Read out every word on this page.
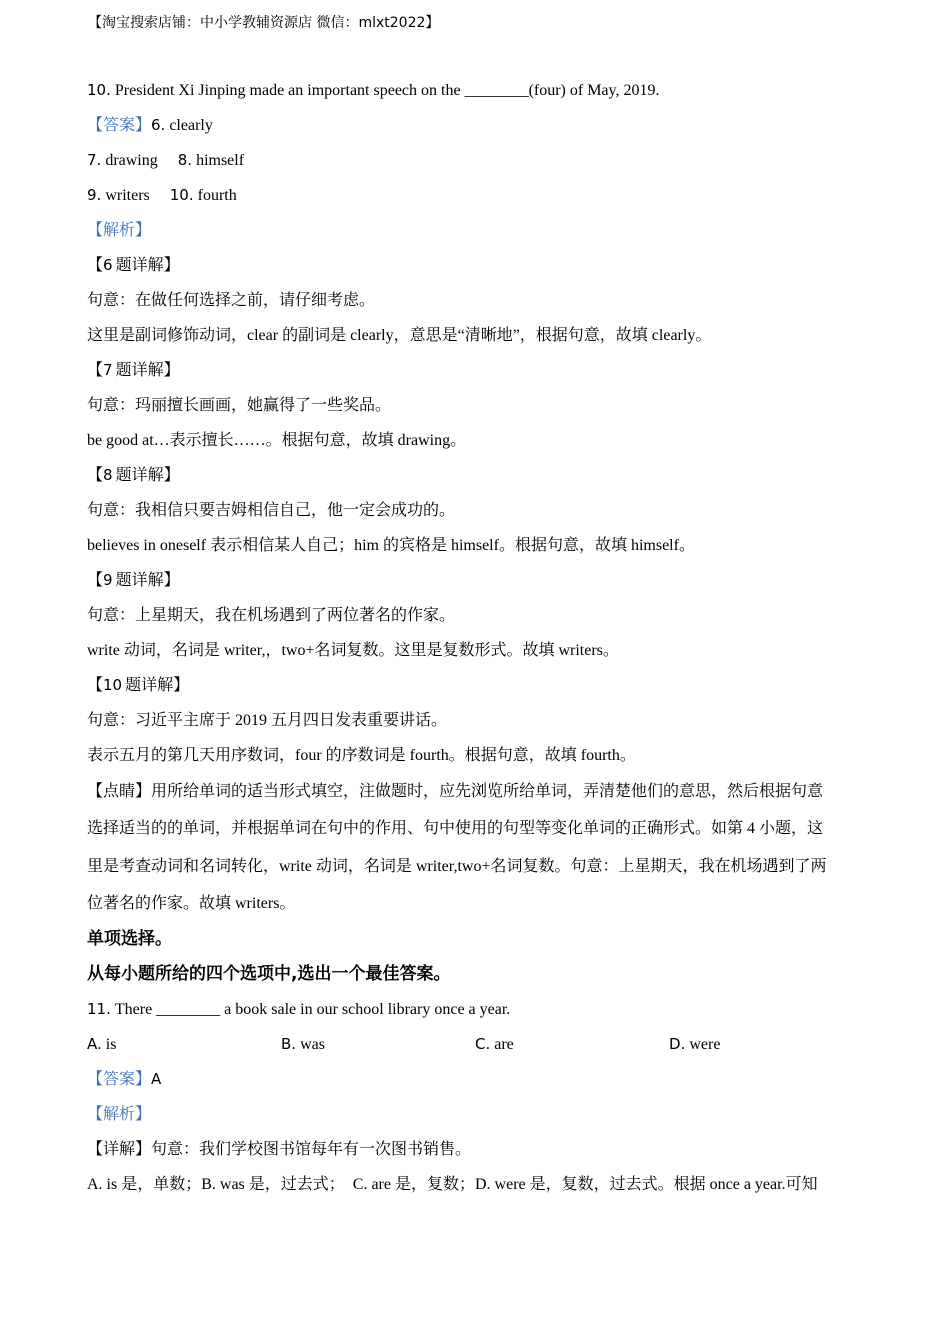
【淘宝搜索店铺：中小学教辅资源店 微信：mlxt2022】
10. President Xi Jinping made an important speech on the ________(four) of May, 2019.
【答案】6. clearly
7. drawing 8. himself
9. writers 10. fourth
【解析】
【6 题详解】
句意：在做任何选择之前，请仔细考虑。
这里是副词修饰动词，clear 的副词是 clearly，意思是“清晰地”，根据句意，故填 clearly。
【7 题详解】
句意：玛丽擅长画画，她赢得了一些奖品。
be good at…表示擅长……。根据句意，故填 drawing。
【8 题详解】
句意：我相信只要吉姆相信自己，他一定会成功的。
believes in oneself 表示相信某人自己；him 的宾格是 himself。根据句意，故填 himself。
【9 题详解】
句意：上星期天，我在机场遇到了两位著名的作家。
write 动词，名词是 writer,，two+名词复数。这里是复数形式。故填 writers。
【10 题详解】
句意：习近平主席于 2019 五月四日发表重要讲话。
表示五月的第几天用序数词，four 的序数词是 fourth。根据句意，故填 fourth。
【点睛】用所给单词的适当形式填空，注做题时，应先浏览所给单词，弄清楚他们的意思，然后根据句意
选择适当的的单词，并根据单词在句中的作用、句中使用的句型等变化单词的正确形式。如第 4 小题，这
里是考查动词和名词转化，write 动词，名词是 writer,two+名词复数。句意：上星期天，我在机场遇到了两
位著名的作家。故填 writers。
单项选择。
从每小题所给的四个选项中,选出一个最佳答案。
11. There ________ a book sale in our school library once a year.
A. is	B. was	C. are	D. were
【答案】A
【解析】
【详解】句意：我们学校图书馆每年有一次图书销售。
A. is 是，单数；B. was 是，过去式；　C. are 是，复数；D. were 是，复数，过去式。根据 once a year.可知
